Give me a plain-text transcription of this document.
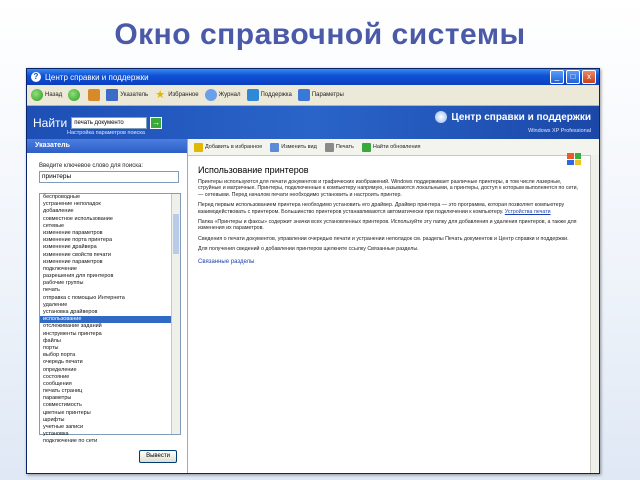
Окно справочной системы
? Центр справки и поддержки	_	□	x
Назад	Указатель ★ Избранное	Журнал	Поддержка	Параметры
Найти	печать документо	→
Настройка параметров поиска
Центр справки и поддержки
Windows XP Professional
Указатель
Введите ключевое слово для поиска:
принтеры
беспроводные
устранение неполадок
добавление
совместное использование
сетевые
изменение параметров
изменение порта принтера
изменение драйвера
изменение свойств печати
изменение параметров
подключение
разрешения для принтеров
рабочие группы
печать
отправка с помощью Интернета
удаление
установка драйверов
использование
отслеживание заданий
инструменты принтера
файлы
порты
выбор порта
очередь печати
определение
состояние
сообщения
печать страниц
параметры
совместимость
цветные принтеры
шрифты
учетные записи
установка
подключение по сети
Вывести
Добавить в избранное	Изменить вид	Печать	Найти обновления
Использование принтеров

Принтеры используются для печати документов и графических изображений. Windows поддерживает различные принтеры, в том числе лазерные, струйные и матричные. Принтеры, подключенные к компьютеру напрямую, называются локальными, а принтеры, доступ к которым выполняется по сети, — сетевыми. Перед началом печати необходимо установить и настроить принтер.

Перед первым использованием принтера необходимо установить его драйвер. Драйвер принтера — это программа, которая позволяет компьютеру взаимодействовать с принтером. Большинство принтеров устанавливаются автоматически при подключении к компьютеру. Устройства печати

Папка «Принтеры и факсы» содержит значки всех установленных принтеров. Используйте эту папку для добавления и удаления принтеров, а также для изменения их параметров.

Сведения о печати документов, управлении очередью печати и устранении неполадок см. разделы Печать документов и Центр справки и поддержки.

Для получения сведений о добавлении принтеров щелкните ссылку Связанные разделы.

Связанные разделы
